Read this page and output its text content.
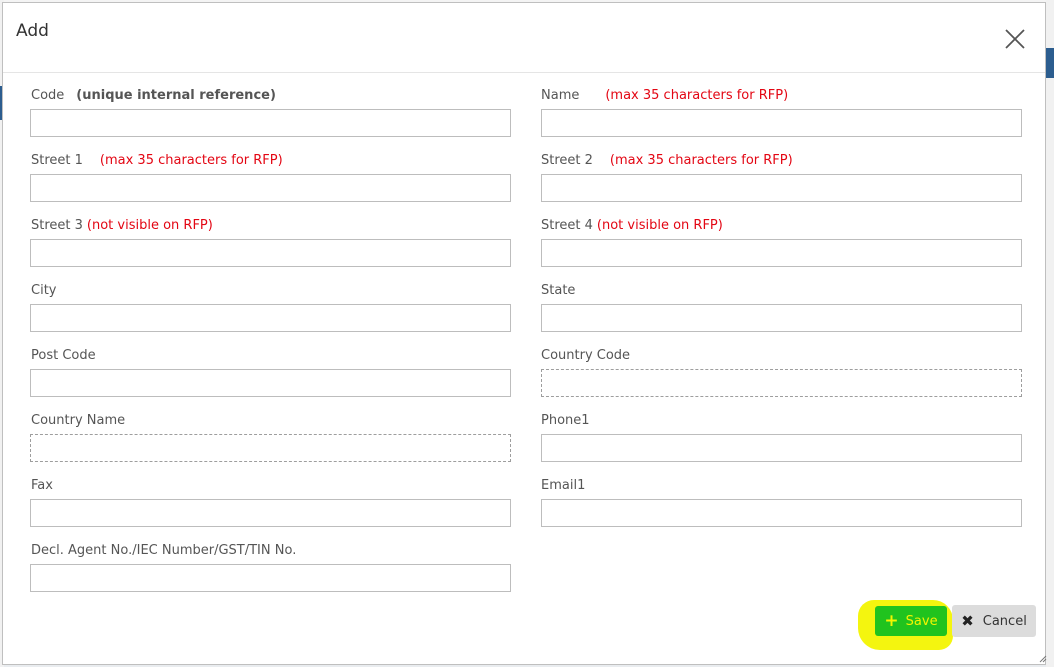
Add
Code (unique internal reference)	Name (max 35 characters for RFP)
Street 1 (max 35 characters for RFP)	Street 2 (max 35 characters for RFP)
Street 3 (not visible on RFP)	Street 4 (not visible on RFP)
City	State
Post Code	Country Code
Country Name	Phone1
Fax	Email1
Decl. Agent No./IEC Number/GST/TIN No.
+ Save ✖ Cancel
